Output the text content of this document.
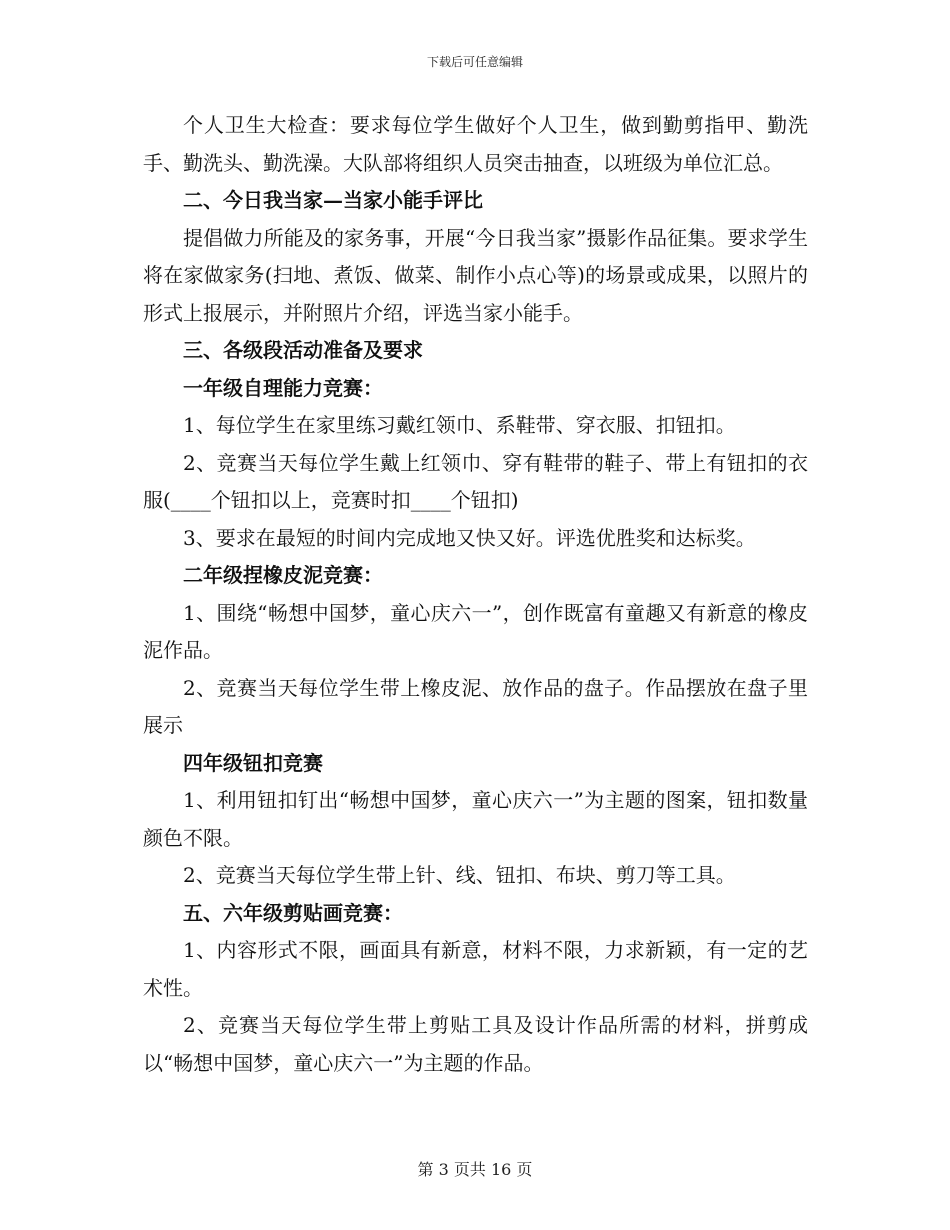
下载后可任意编辑

个人卫生大检查：要求每位学生做好个人卫生，做到勤剪指甲、勤洗手、勤洗头、勤洗澡。大队部将组织人员突击抽查，以班级为单位汇总。

二、今日我当家—当家小能手评比

提倡做力所能及的家务事，开展“今日我当家”摄影作品征集。要求学生将在家做家务(扫地、煮饭、做菜、制作小点心等)的场景或成果，以照片的形式上报展示，并附照片介绍，评选当家小能手。

三、各级段活动准备及要求

一年级自理能力竞赛：

1、每位学生在家里练习戴红领巾、系鞋带、穿衣服、扣钮扣。

2、竞赛当天每位学生戴上红领巾、穿有鞋带的鞋子、带上有钮扣的衣服(____个钮扣以上，竞赛时扣____个钮扣)

3、要求在最短的时间内完成地又快又好。评选优胜奖和达标奖。

二年级捏橡皮泥竞赛：

1、围绕“畅想中国梦，童心庆六一”，创作既富有童趣又有新意的橡皮泥作品。

2、竞赛当天每位学生带上橡皮泥、放作品的盘子。作品摆放在盘子里展示

四年级钮扣竞赛

1、利用钮扣钉出“畅想中国梦，童心庆六一”为主题的图案，钮扣数量颜色不限。

2、竞赛当天每位学生带上针、线、钮扣、布块、剪刀等工具。

五、六年级剪贴画竞赛：

1、内容形式不限，画面具有新意，材料不限，力求新颖，有一定的艺术性。

2、竞赛当天每位学生带上剪贴工具及设计作品所需的材料，拼剪成以“畅想中国梦，童心庆六一”为主题的作品。

第 3 页共 16 页
